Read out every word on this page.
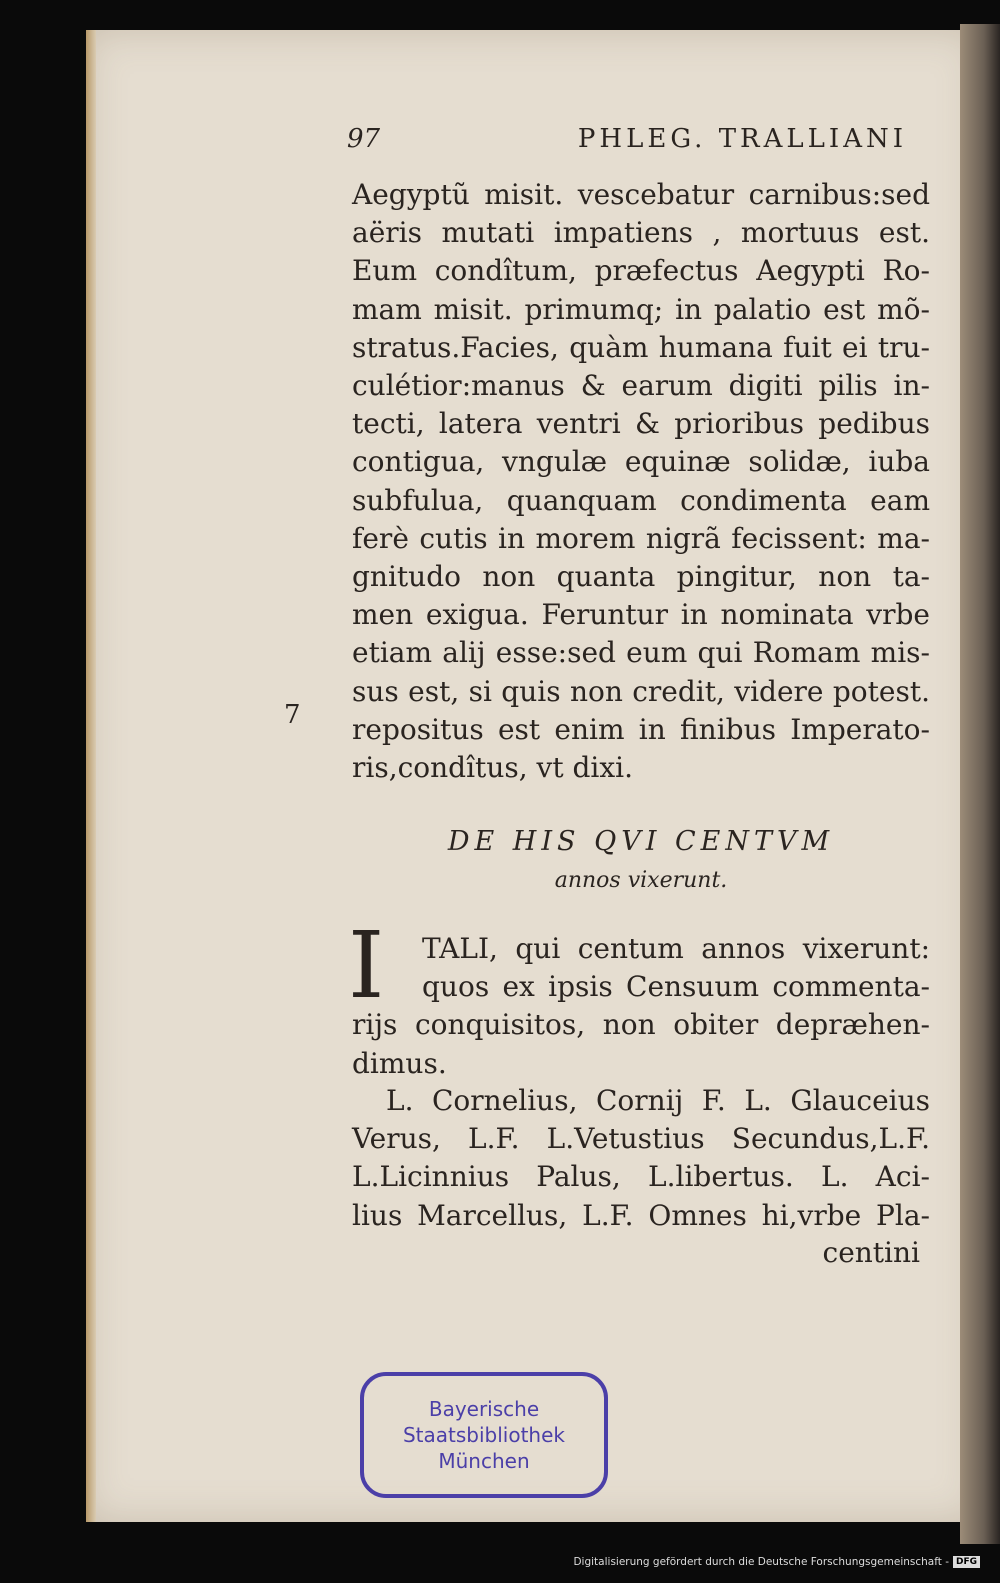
97	PHLEG. TRALLIANI
Aegyptũ misit. vescebatur carnibus:sed
aëris mutati impatiens , mortuus est.
Eum condîtum, præfectus Aegypti Ro-
mam misit. primumq; in palatio est mõ-
stratus.Facies, quàm humana fuit ei tru-
culétior:manus & earum digiti pilis in-
tecti, latera ventri & prioribus pedibus
contigua, vngulæ equinæ solidæ, iuba
subfulua, quanquam condimenta eam
ferè cutis in morem nigrã fecissent: ma-
gnitudo non quanta pingitur, non ta-
men exigua. Feruntur in nominata vrbe
etiam alij esse:sed eum qui Romam mis-
sus est, si quis non credit, videre potest.
repositus est enim in finibus Imperato-
ris,condîtus, vt dixi.
7
DE HIS QVI CENTVM
annos vixerunt.
I	TALI, qui centum annos vixerunt:
quos ex ipsis Censuum commenta-
rijs conquisitos, non obiter depræhen-
dimus.
L. Cornelius, Cornij F. L. Glauceius
Verus, L.F. L.Vetustius Secundus,L.F.
L.Licinnius Palus, L.libertus. L. Aci-
lius Marcellus, L.F. Omnes hi,vrbe Pla-
centini
Bayerische
Staatsbibliothek
München
Digitalisierung gefördert durch die Deutsche Forschungsgemeinschaft - DFG
